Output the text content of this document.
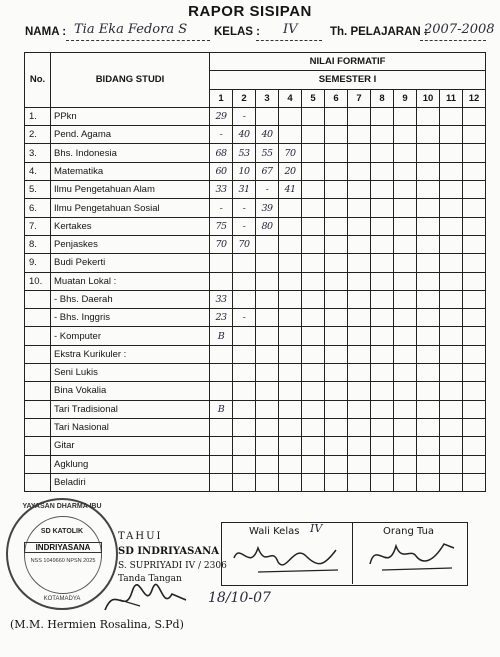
RAPOR SISIPAN
NAMA : Tia Eka Fedora S KELAS : IV	Th. PELAJARAN :
2007-2008
No.	BIDANG STUDI	NILAI FORMATIF											
		SEMESTER I											
		1	2	3	4	5	6	7	8	9	10	11	12
1.	PPkn	29	-										
2.	Pend. Agama	-	40	40									
3.	Bhs. Indonesia	68	53	55	70								
4.	Matematika	60	10	67	20								
5.	Ilmu Pengetahuan Alam	33	31	-	41								
6.	Ilmu Pengetahuan Sosial	-	-	39									
7.	Kertakes	75	-	80									
8.	Penjaskes	70	70										
9.	Budi Pekerti												
10.	Muatan Lokal :												
	- Bhs. Daerah	33											
	- Bhs. Inggris	23	-										
	- Komputer	B											
	Ekstra Kurikuler :												
	Seni Lukis												
	Bina Vokalia												
	Tari Tradisional	B											
	Tari Nasional												
	Gitar												
	Agklung												
	Beladiri												
YAYASAN DHARMA IBU
SD KATOLIK
INDRIYASANA
NSS 1049660 NPSN 2025
KOTAMADYA
TAHUI
SD INDRIYASANA
S. SUPRIYADI IV / 2306
Tanda Tangan
18/10-07
(M.M. Hermien Rosalina, S.Pd)
Wali Kelas IV	Orang Tua
